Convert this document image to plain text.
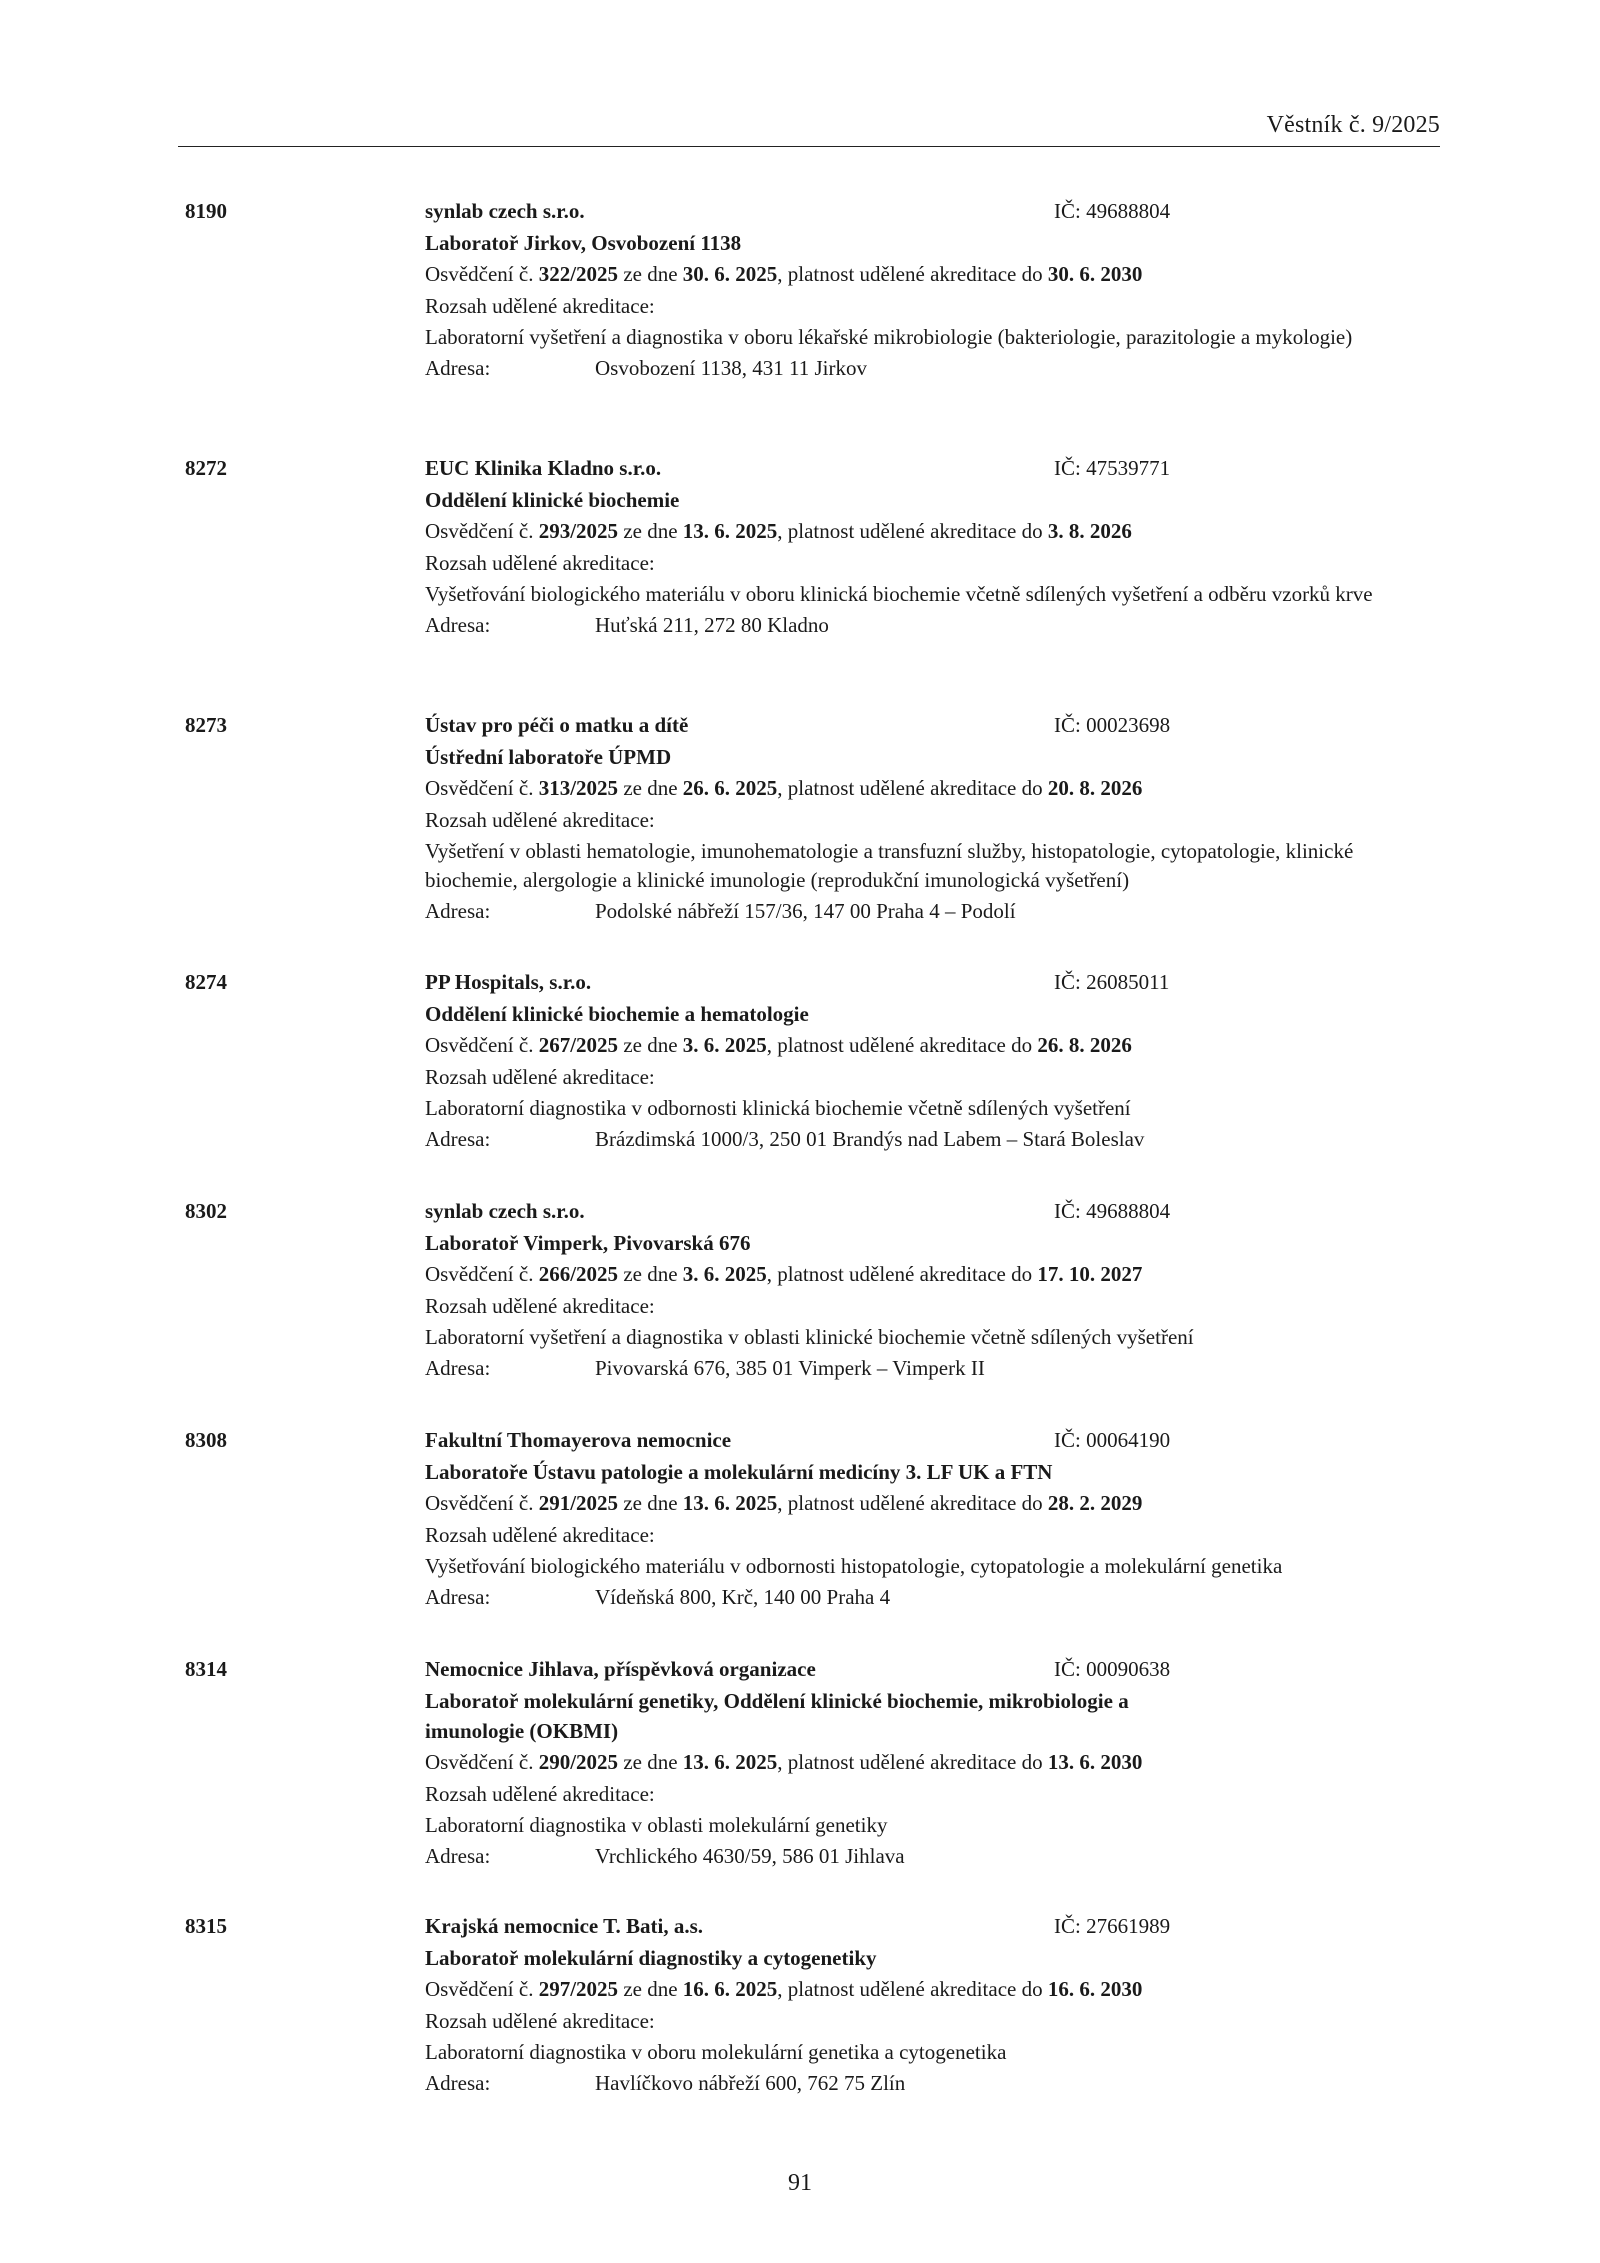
Věstník č. 9/2025
8190	synlab czech s.r.o.	IČ: 49688804
Laboratoř Jirkov, Osvobození 1138
Osvědčení č. 322/2025 ze dne 30. 6. 2025, platnost udělené akreditace do 30. 6. 2030
Rozsah udělené akreditace:
Laboratorní vyšetření a diagnostika v oboru lékařské mikrobiologie (bakteriologie, parazitologie a mykologie)
Adresa:	Osvobození 1138, 431 11 Jirkov
8272	EUC Klinika Kladno s.r.o.	IČ: 47539771
Oddělení klinické biochemie
Osvědčení č. 293/2025 ze dne 13. 6. 2025, platnost udělené akreditace do 3. 8. 2026
Rozsah udělené akreditace:
Vyšetřování biologického materiálu v oboru klinická biochemie včetně sdílených vyšetření a odběru vzorků krve
Adresa:	Huťská 211, 272 80 Kladno
8273	Ústav pro péči o matku a dítě	IČ: 00023698
Ústřední laboratoře ÚPMD
Osvědčení č. 313/2025 ze dne 26. 6. 2025, platnost udělené akreditace do 20. 8. 2026
Rozsah udělené akreditace:
Vyšetření v oblasti hematologie, imunohematologie a transfuzní služby, histopatologie, cytopatologie, klinické biochemie, alergologie a klinické imunologie (reprodukční imunologická vyšetření)
Adresa:	Podolské nábřeží 157/36, 147 00 Praha 4 – Podolí
8274	PP Hospitals, s.r.o.	IČ: 26085011
Oddělení klinické biochemie a hematologie
Osvědčení č. 267/2025 ze dne 3. 6. 2025, platnost udělené akreditace do 26. 8. 2026
Rozsah udělené akreditace:
Laboratorní diagnostika v odbornosti klinická biochemie včetně sdílených vyšetření
Adresa:	Brázdimská 1000/3, 250 01 Brandýs nad Labem – Stará Boleslav
8302	synlab czech s.r.o.	IČ: 49688804
Laboratoř Vimperk, Pivovarská 676
Osvědčení č. 266/2025 ze dne 3. 6. 2025, platnost udělené akreditace do 17. 10. 2027
Rozsah udělené akreditace:
Laboratorní vyšetření a diagnostika v oblasti klinické biochemie včetně sdílených vyšetření
Adresa:	Pivovarská 676, 385 01 Vimperk – Vimperk II
8308	Fakultní Thomayerova nemocnice	IČ: 00064190
Laboratoře Ústavu patologie a molekulární medicíny 3. LF UK a FTN
Osvědčení č. 291/2025 ze dne 13. 6. 2025, platnost udělené akreditace do 28. 2. 2029
Rozsah udělené akreditace:
Vyšetřování biologického materiálu v odbornosti histopatologie, cytopatologie a molekulární genetika
Adresa:	Vídeňská 800, Krč, 140 00 Praha 4
8314	Nemocnice Jihlava, příspěvková organizace	IČ: 00090638
Laboratoř molekulární genetiky, Oddělení klinické biochemie, mikrobiologie a imunologie (OKBMI)
Osvědčení č. 290/2025 ze dne 13. 6. 2025, platnost udělené akreditace do 13. 6. 2030
Rozsah udělené akreditace:
Laboratorní diagnostika v oblasti molekulární genetiky
Adresa:	Vrchlického 4630/59, 586 01 Jihlava
8315	Krajská nemocnice T. Bati, a.s.	IČ: 27661989
Laboratoř molekulární diagnostiky a cytogenetiky
Osvědčení č. 297/2025 ze dne 16. 6. 2025, platnost udělené akreditace do 16. 6. 2030
Rozsah udělené akreditace:
Laboratorní diagnostika v oboru molekulární genetika a cytogenetika
Adresa:	Havlíčkovo nábřeží 600, 762 75 Zlín
91
